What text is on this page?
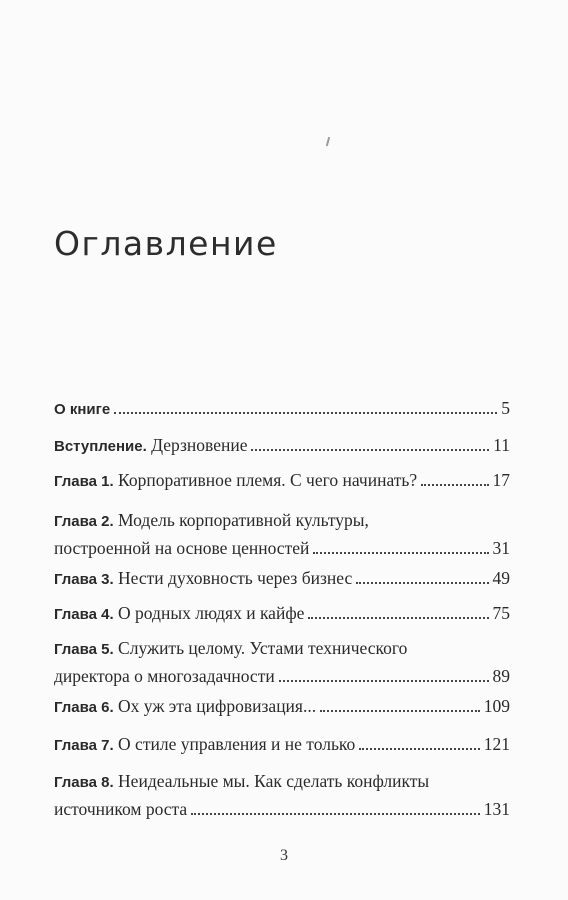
Оглавление
О книге	5
Вступление. Дерзновение	11
Глава 1. Корпоративное племя. С чего начинать?	17
Глава 2. Модель корпоративной культуры,
построенной на основе ценностей	31
Глава 3. Нести духовность через бизнес	49
Глава 4. О родных людях и кайфе	75
Глава 5. Служить целому. Устами технического
директора о многозадачности	89
Глава 6. Ох уж эта цифровизация...	109
Глава 7. О стиле управления и не только	121
Глава 8. Неидеальные мы. Как сделать конфликты
источником роста	131
3
